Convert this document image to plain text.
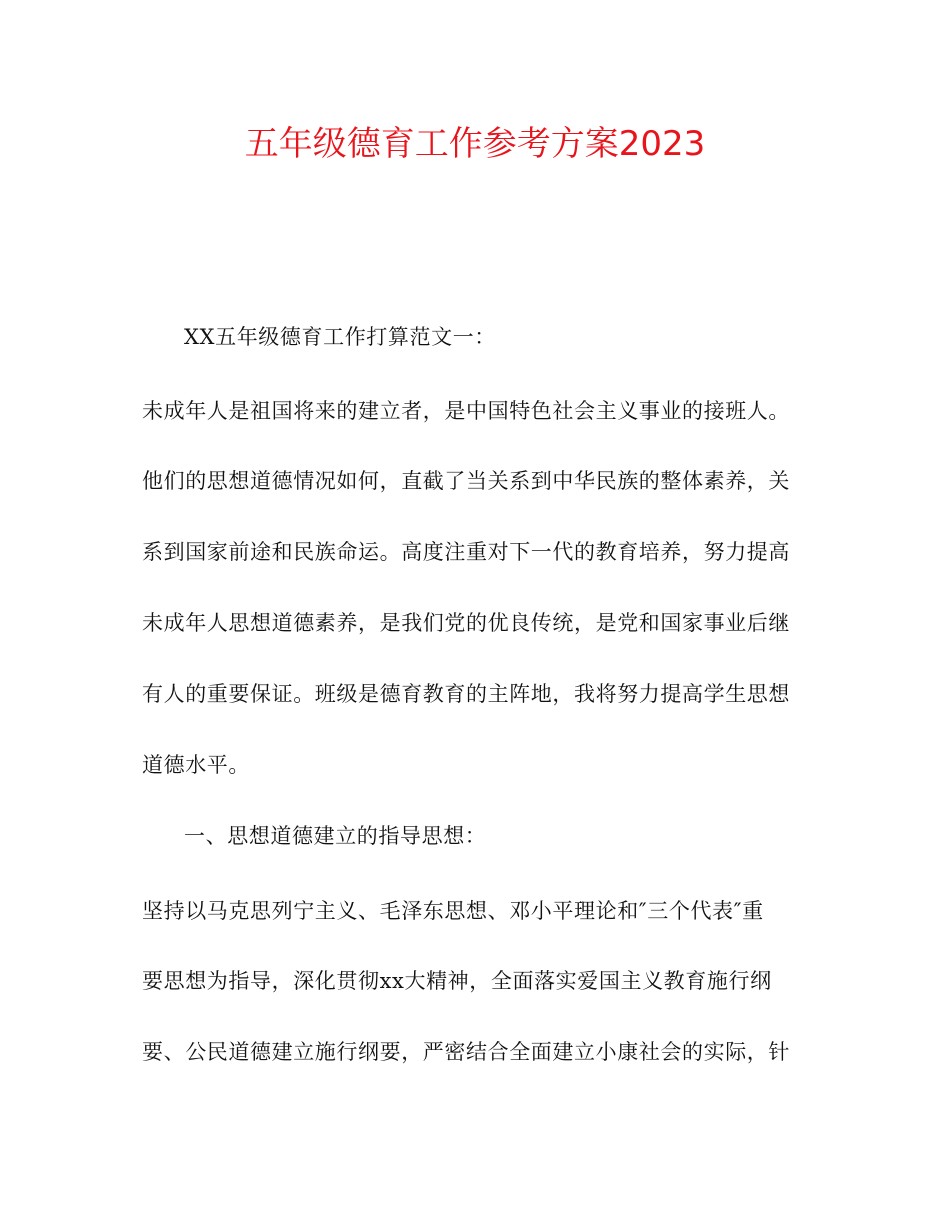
五年级德育工作参考方案2023
XX五年级德育工作打算范文一：
未成年人是祖国将来的建立者，是中国特色社会主义事业的接班人。
他们的思想道德情况如何，直截了当关系到中华民族的整体素养，关
系到国家前途和民族命运。高度注重对下一代的教育培养，努力提高
未成年人思想道德素养，是我们党的优良传统，是党和国家事业后继
有人的重要保证。班级是德育教育的主阵地，我将努力提高学生思想
道德水平。
一、思想道德建立的指导思想：
坚持以马克思列宁主义、毛泽东思想、邓小平理论和″三个代表″重
要思想为指导，深化贯彻xx大精神，全面落实爱国主义教育施行纲
要、公民道德建立施行纲要，严密结合全面建立小康社会的实际，针
